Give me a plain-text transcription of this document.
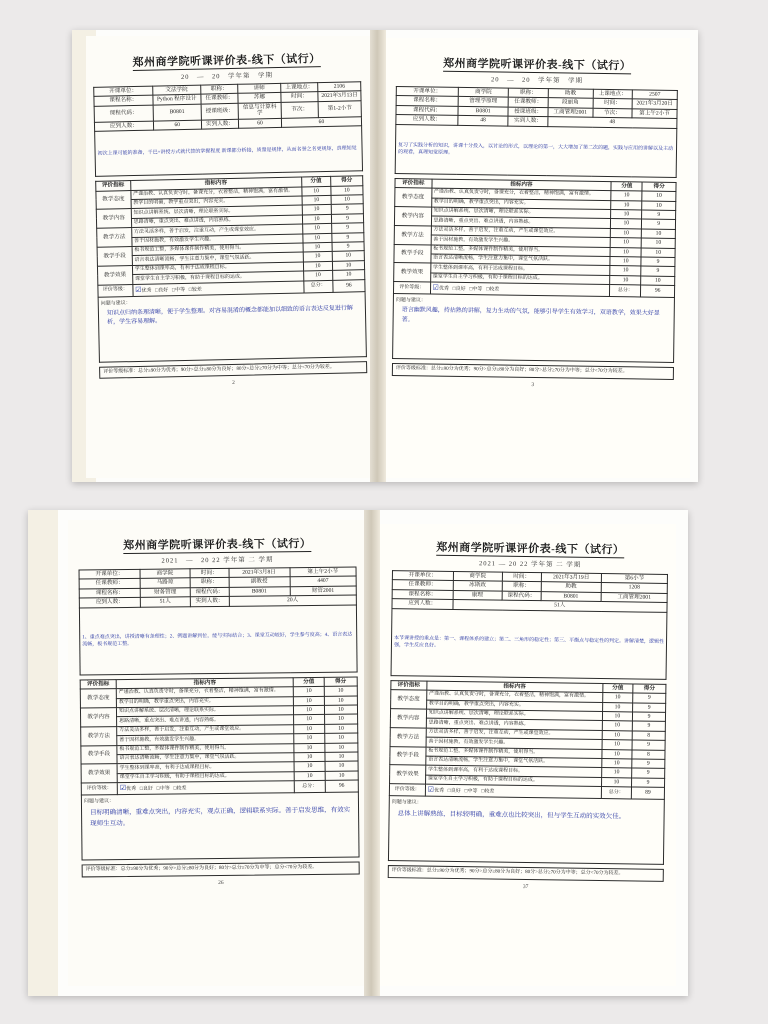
郑州商学院听课评价表-线下（试行）
20　—　20　学年第　学期
开课单位：	文法学院	职称：	讲师	上课地点：	2106
课程名称：	Python 程序设计	任课教师：	苏娜	时间：	2021年3月13日
课程代码：	B0801	授课班级：	信息与计算科学	节次：	第1-2小节
应到人数：	60	实到人数：	60	60	
初次上课可能的准备，干巴+讲授方式就代替的掌握程度 新课都分析接，质量是规律，从而名誉之名更规矩，真理知觉					
评价指标	指标内容	分值	得分
教学态度	严谨治教、认真负责守时，备课充分，衣着整洁，精神饱满，富有激情。	10	10
	教学目的明确，教学重点突出，内容充实。	10	10
教学内容	知识点讲解系统、层次清晰，理论联系实际。	10	9
	思路清晰，重点突出、难点讲透，内容熟练。	10	9
教学方法	方法灵活多样，善于启发，注重互动，产生或课堂效应。	10	9
	善于因材施教，有效激发学生兴趣。	10	9
教学手段	板书规范工整，多媒体课件制作精美，使用得当。	10	9
	语言表达清晰流畅，学生注意力集中，课堂气氛活跃。	10	10
教学效果	学生整体到课率高，有利于达成课程目标。	10	10
	课堂学生自主学习积极，有助于课程目标的达成。	10	10
评价等级：	☑优秀   □良好   □中等   □较差	总分：	96
问题与建议：
知识点归纳条理清晰，便于学生整理。对容易混淆的概念都能加以细致的语言表达反复进行解析，学生容易理解。
评价等级标准：总分≥90分为优秀；90分>总分≥80分为良好；80分>总分≥70分为中等；总分<70分为较差。
2
郑州商学院听课评价表-线下（试行）
20　—　20　学年第　学期
开课单位：	商学院	职称：	助教	上课地点：	2507
课程名称：	管理学原理	任课教师：	段丽角	时间：	2021年3月20日
课程代码：	B0801	授课班级：	工商管理2001	节次：	第上午2小节
应到人数：	48	实到人数：	48		
复习了实践分析的知识，讲课十分投入，以讨论的形式，以理论的第一，大大增加了第二次的题，实践与应用的讲解以及主动的观看，真理知觉原理。					
评价指标	指标内容	分值	得分
教学态度	严谨治教、认真负责守时，备课充分，衣着整洁，精神饱满，富有激情。	10	10
	教学目的明确，教学重点突出，内容充实。	10	10
教学内容	知识点讲解系统、层次清晰，理论联系实际。	10	9
	思路清晰，重点突出、难点讲透，内容熟练。	10	9
教学方法	方法灵活多样，善于启发，注重互动，产生或课堂效应。	10	10
	善于因材施教，有效激发学生兴趣。	10	10
教学手段	板书规范工整，多媒体课件制作精美，使用得当。	10	10
	语言表达清晰流畅，学生注意力集中，课堂气氛活跃。	10	9
教学效果	学生整体到课率高，有利于达成课程目标。	10	9
	课堂学生自主学习积极，有助于课程目标的达成。	10	10
评价等级：	☑优秀   □良好   □中等   □较差	总分：	96
问题与建议：
语言幽默风趣，持拈熟的讲解，复力生动的气氛，能够引导学生有效学习，双语教学，效果大好显著。
评价等级标准：总分≥90分为优秀；90分>总分≥80分为良好；80分>总分≥70分为中等；总分<70分为较差。
3
郑州商学院听课评价表-线下（试行）
2021　—　20 22 学年第 二 学期
开课单位：	商学院	时间：	2021年3月8日	第上午2小节
任课教师：	马路琼	职称：	副教授	4407
课程名称：	财务管理	课程代码：	B0801	财管2001
应到人数：	51人	实到人数：	20人	
1、重点难点突出，讲授清晰有条理性；2、例题讲解到位，能与实际结合；3、课堂互动较好，学生参与度高；4、语言表达流畅，板书规范工整。				
评价指标	指标内容	分值	得分
教学态度	严谨治教、认真负责守时，备课充分，衣着整洁，精神饱满，富有激情。	10	10
	教学目的明确，教学重点突出，内容充实。	10	10
教学内容	知识点讲解系统、层次清晰，理论联系实际。	10	10
	思路清晰，重点突出、难点讲透，内容熟练。	10	10
教学方法	方法灵活多样，善于启发，注重互动，产生或课堂效应。	10	10
	善于因材施教，有效激发学生兴趣。	10	10
教学手段	板书规范工整，多媒体课件制作精美，使用得当。	10	10
	语言表达清晰流畅，学生注意力集中，课堂气氛活跃。	10	10
教学效果	学生整体到课率高，有利于达成课程目标。	10	10
	课堂学生自主学习积极，有助于课程目标的达成。	10	10
评价等级：	☑优秀   □良好   □中等   □较差	总分：	96
问题与建议：
目标明确清晰，重难点突出，内容充实，观点正确，逻辑联系实际。善于启发思维，有效实现师生互动。
评价等级标准：总分≥90分为优秀；90分>总分≥80分为良好；80分>总分≥70分为中等；总分<70分为较差。
26
郑州商学院听课评价表-线下（试行）
2021 — 20 22 学年第 二 学期
开课单位：	商学院	时间：	2021年3月19日	第6小节
任课教师：	冰斯政	职称：	助教	1208
课程名称：	康理	课程代码：	B0801	工商管理2001
应到人数：	51人			
本节课讲授的重点是：第一、课程体系的建立；第二、三角形的稳定性；第三、平衡点与稳定性的判定。讲解清楚，逻辑性强，学生反应良好。				
评价指标	指标内容	分值	得分
教学态度	严谨治教、认真负责守时，备课充分，衣着整洁，精神饱满，富有激情。	10	9
	教学目的明确，教学重点突出，内容充实。	10	9
教学内容	知识点讲解系统、层次清晰，理论联系实际。	10	9
	思路清晰，重点突出、难点讲透，内容熟练。	10	9
教学方法	方法灵活多样，善于启发，注重互动，产生或课堂效应。	10	8
	善于因材施教，有效激发学生兴趣。	10	9
教学手段	板书规范工整，多媒体课件制作精美，使用得当。	10	8
	语言表达清晰流畅，学生注意力集中，课堂气氛活跃。	10	9
教学效果	学生整体到课率高，有利于达成课程目标。	10	9
	课堂学生自主学习积极，有助于课程目标的达成。	10	9
评价等级：	☑优秀   □良好   □中等   □较差	总分：	89
问题与建议：
总体上讲解熟练，目标较明确，重难点也比较突出，但与学生互动的实效欠佳。
评价等级标准：总分≥90分为优秀；90分>总分≥80分为良好；80分>总分≥70分为中等；总分<70分为较差。
37
